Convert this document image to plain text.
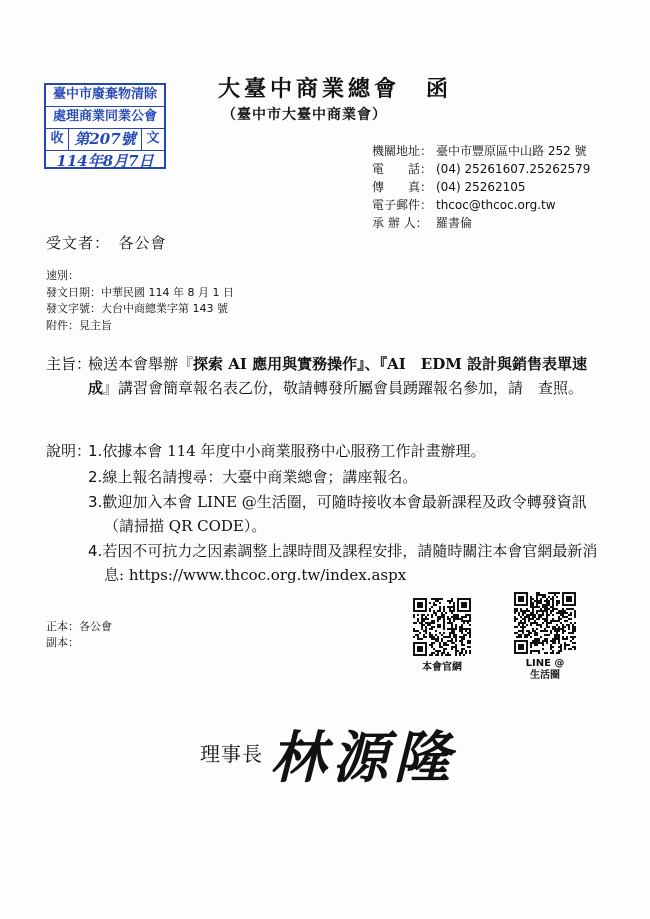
臺中市廢棄物清除
處理商業同業公會
收 第207號 文
114年8月7日
大臺中商業總會　函
（臺中市大臺中商業會）
機關地址： 臺中市豐原區中山路 252 號
電　　話： (04) 25261607.25262579
傳　　真： (04) 25262105
電子郵件： thcoc@thcoc.org.tw
承 辦 人： 羅書倫
受文者：　各公會
速別：
發文日期：中華民國 114 年 8 月 1 日
發文字號：大台中商總業字第 143 號
附件：見主旨
主旨：
檢送本會舉辦『探索 AI 應用與實務操作』、『AI　EDM 設計與銷售表單速成』講習會簡章報名表乙份，敬請轉發所屬會員踴躍報名參加，請　查照。
說明：
1.依據本會 114 年度中小商業服務中心服務工作計畫辦理。
2.線上報名請搜尋：大臺中商業總會；講座報名。
3.歡迎加入本會 LINE @生活圈，可隨時接收本會最新課程及政令轉發資訊（請掃描 QR CODE）。
4.若因不可抗力之因素調整上課時間及課程安排，請隨時關注本會官網最新消息: https://www.thcoc.org.tw/index.aspx
正本：各公會
副本：
本會官網	LINE @
生活圈
理事長 林源隆
